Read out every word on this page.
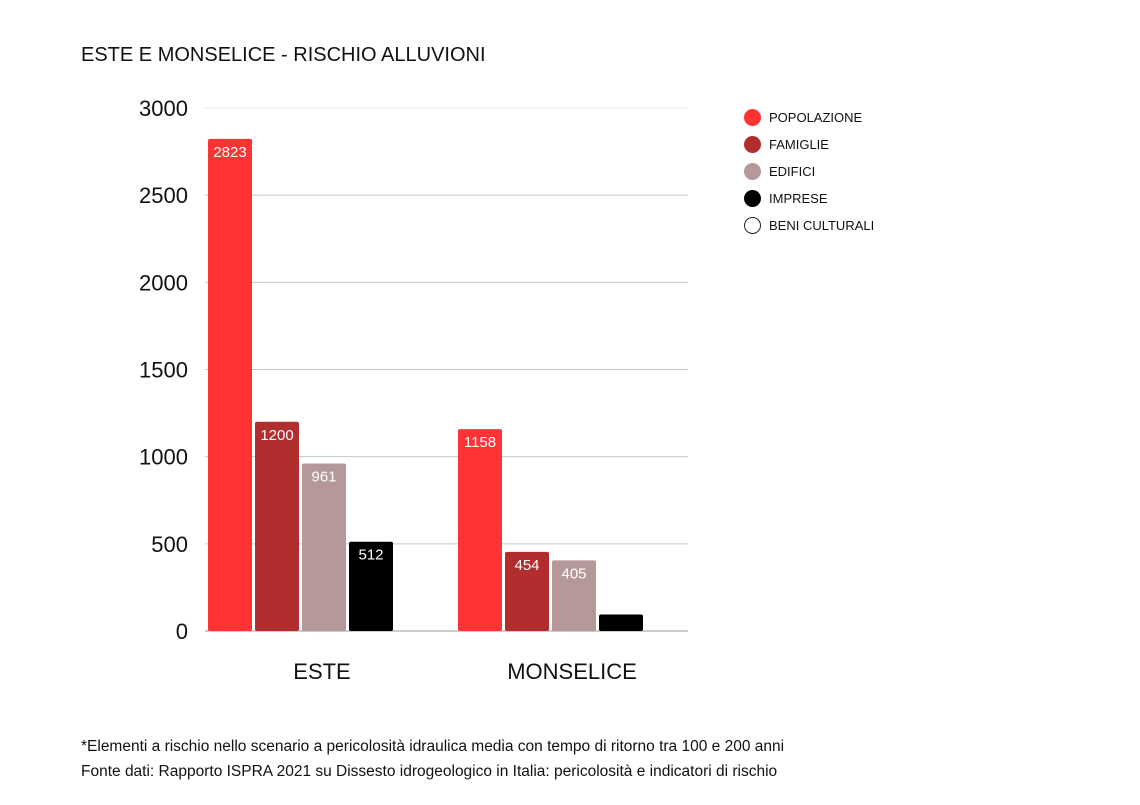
ESTE E MONSELICE - RISCHIO ALLUVIONI
0
500
1000
1500
2000
2500
3000
2823
1200
961
512
ESTE
1158
454
405
MONSELICE
POPOLAZIONE
FAMIGLIE
EDIFICI
IMPRESE
BENI CULTURALI
*Elementi a rischio nello scenario a pericolosità idraulica media con tempo di ritorno tra 100 e 200 anni
Fonte dati: Rapporto ISPRA 2021 su Dissesto idrogeologico in Italia: pericolosità e indicatori di rischio
